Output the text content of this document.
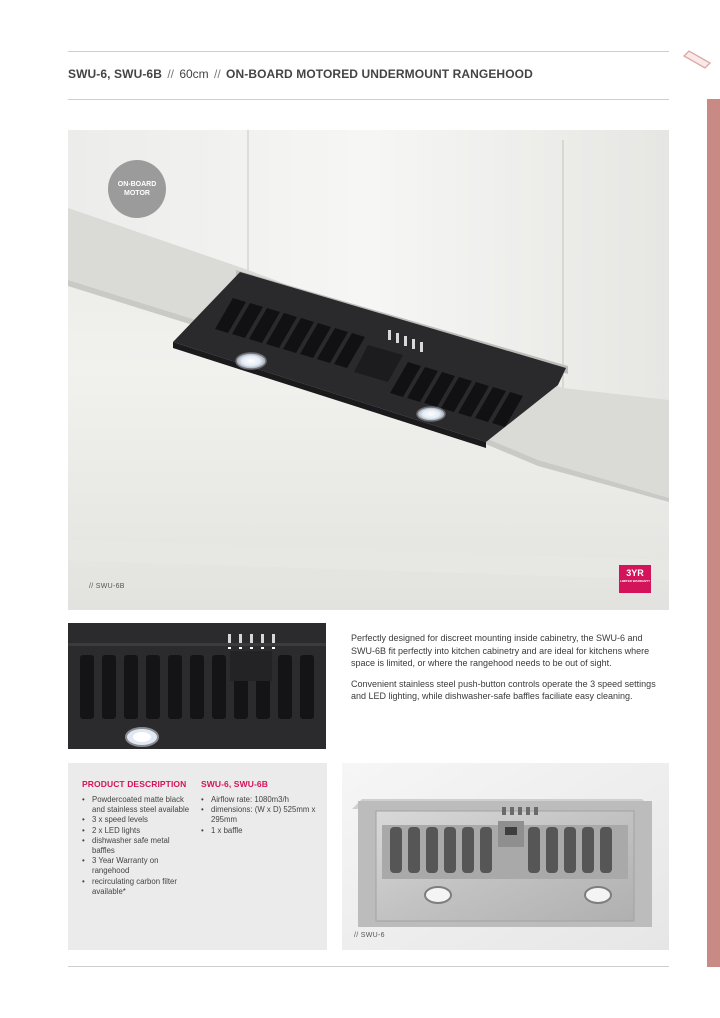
SWU-6, SWU-6B // 60cm // ON-BOARD MOTORED UNDERMOUNT RANGEHOOD
ON-BOARD MOTOR
// SWU-6B
3YR
LIMITED WARRANTY

Perfectly designed for discreet mounting inside cabinetry, the SWU-6 and SWU-6B fit perfectly into kitchen cabinetry and are ideal for kitchens where space is limited, or where the rangehood needs to be out of sight.

Convenient stainless steel push-button controls operate the 3 speed settings and LED lighting, while dishwasher-safe baffles faciliate easy cleaning.

PRODUCT DESCRIPTION
• Powdercoated matte black and stainless steel available
• 3 x speed levels
• 2 x LED lights
• dishwasher safe metal baffles
• 3 Year Warranty on rangehood
• recirculating carbon filter available*
SWU-6, SWU-6B
• Airflow rate: 1080m3/h
• dimensions: (W x D) 525mm x 295mm
• 1 x baffle
// SWU-6
